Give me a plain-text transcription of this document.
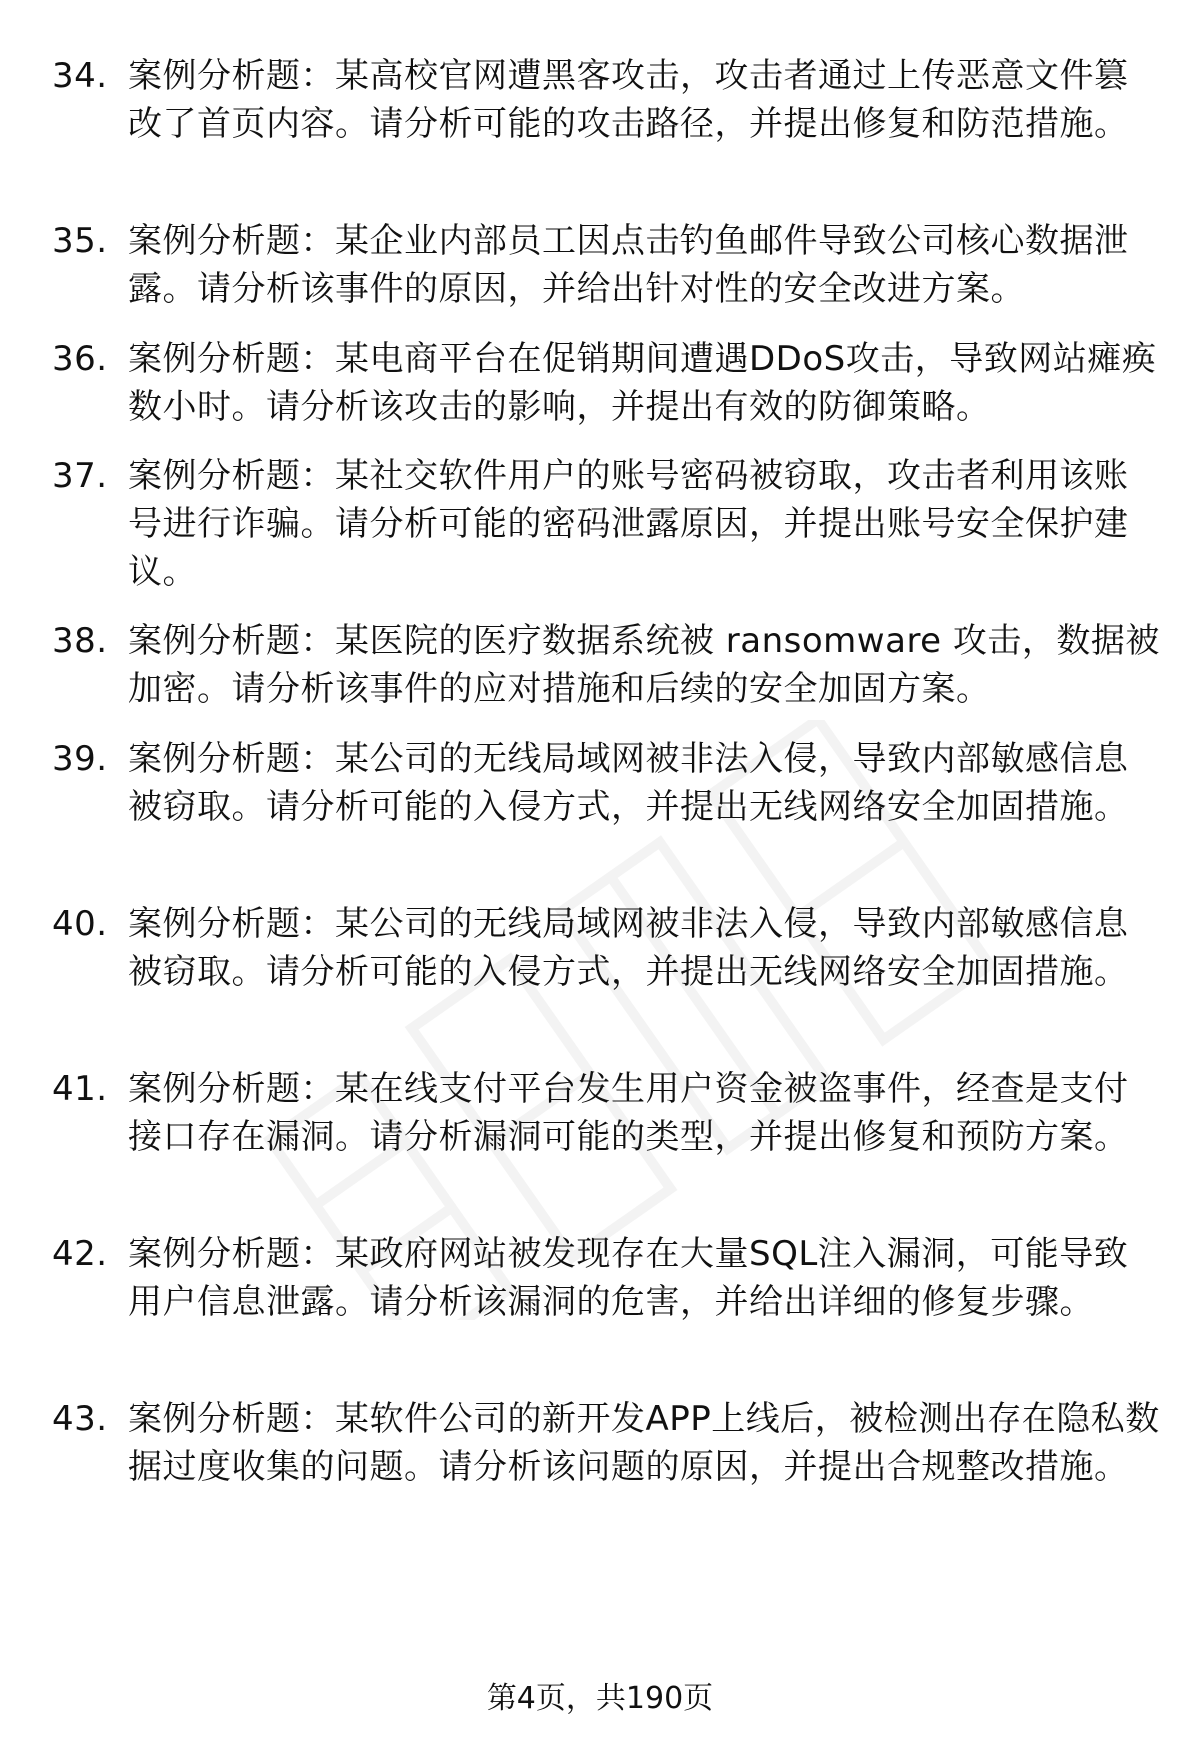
34. 案例分析题：某高校官网遭黑客攻击，攻击者通过上传恶意文件篡改了首页内容。请分析可能的攻击路径，并提出修复和防范措施。
35. 案例分析题：某企业内部员工因点击钓鱼邮件导致公司核心数据泄露。请分析该事件的原因，并给出针对性的安全改进方案。
36. 案例分析题：某电商平台在促销期间遭遇DDoS攻击，导致网站瘫痪数小时。请分析该攻击的影响，并提出有效的防御策略。
37. 案例分析题：某社交软件用户的账号密码被窃取，攻击者利用该账号进行诈骗。请分析可能的密码泄露原因，并提出账号安全保护建议。
38. 案例分析题：某医院的医疗数据系统被 ransomware 攻击，数据被加密。请分析该事件的应对措施和后续的安全加固方案。
39. 案例分析题：某公司的无线局域网被非法入侵，导致内部敏感信息被窃取。请分析可能的入侵方式，并提出无线网络安全加固措施。
40. 案例分析题：某公司的无线局域网被非法入侵，导致内部敏感信息被窃取。请分析可能的入侵方式，并提出无线网络安全加固措施。
41. 案例分析题：某在线支付平台发生用户资金被盗事件，经查是支付接口存在漏洞。请分析漏洞可能的类型，并提出修复和预防方案。
42. 案例分析题：某政府网站被发现存在大量SQL注入漏洞，可能导致用户信息泄露。请分析该漏洞的危害，并给出详细的修复步骤。
43. 案例分析题：某软件公司的新开发APP上线后，被检测出存在隐私数据过度收集的问题。请分析该问题的原因，并提出合规整改措施。
第4页，共190页
